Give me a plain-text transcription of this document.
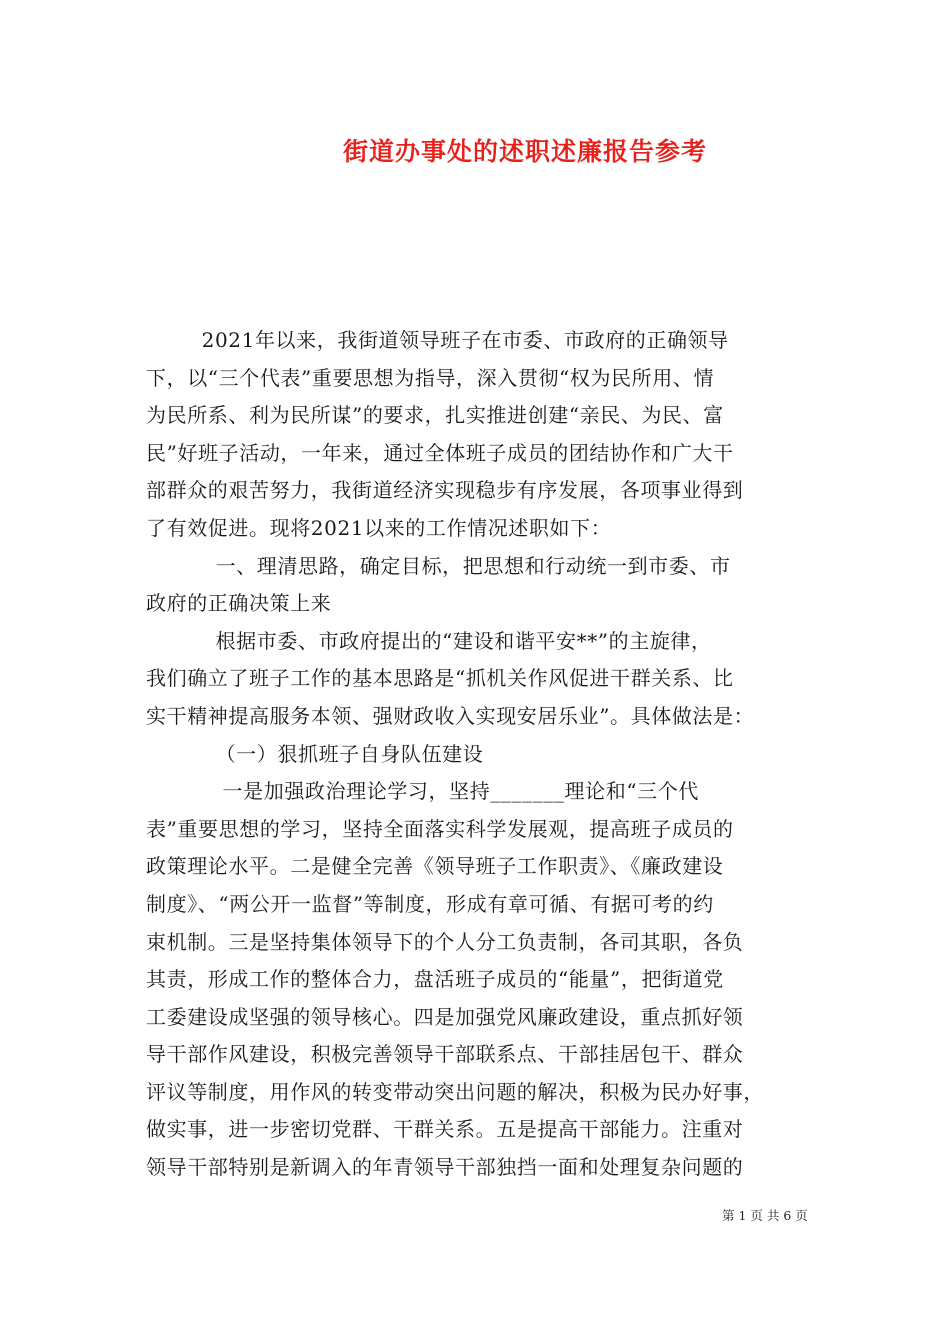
街道办事处的述职述廉报告参考
2021年以来，我街道领导班子在市委、市政府的正确领导
下，以“三个代表”重要思想为指导，深入贯彻“权为民所用、情
为民所系、利为民所谋”的要求，扎实推进创建“亲民、为民、富
民”好班子活动，一年来，通过全体班子成员的团结协作和广大干
部群众的艰苦努力，我街道经济实现稳步有序发展，各项事业得到
了有效促进。现将2021以来的工作情况述职如下：
一、理清思路，确定目标，把思想和行动统一到市委、市
政府的正确决策上来
根据市委、市政府提出的“建设和谐平安**”的主旋律，
我们确立了班子工作的基本思路是“抓机关作风促进干群关系、比
实干精神提高服务本领、强财政收入实现安居乐业”。具体做法是：
（一）狠抓班子自身队伍建设
一是加强政治理论学习，坚持_______理论和“三个代
表”重要思想的学习，坚持全面落实科学发展观，提高班子成员的
政策理论水平。二是健全完善《领导班子工作职责》、《廉政建设
制度》、“两公开一监督”等制度，形成有章可循、有据可考的约
束机制。三是坚持集体领导下的个人分工负责制，各司其职，各负
其责，形成工作的整体合力，盘活班子成员的“能量”，把街道党
工委建设成坚强的领导核心。四是加强党风廉政建设，重点抓好领
导干部作风建设，积极完善领导干部联系点、干部挂居包干、群众
评议等制度，用作风的转变带动突出问题的解决，积极为民办好事，
做实事，进一步密切党群、干群关系。五是提高干部能力。注重对
领导干部特别是新调入的年青领导干部独挡一面和处理复杂问题的
第 1 页 共 6 页
